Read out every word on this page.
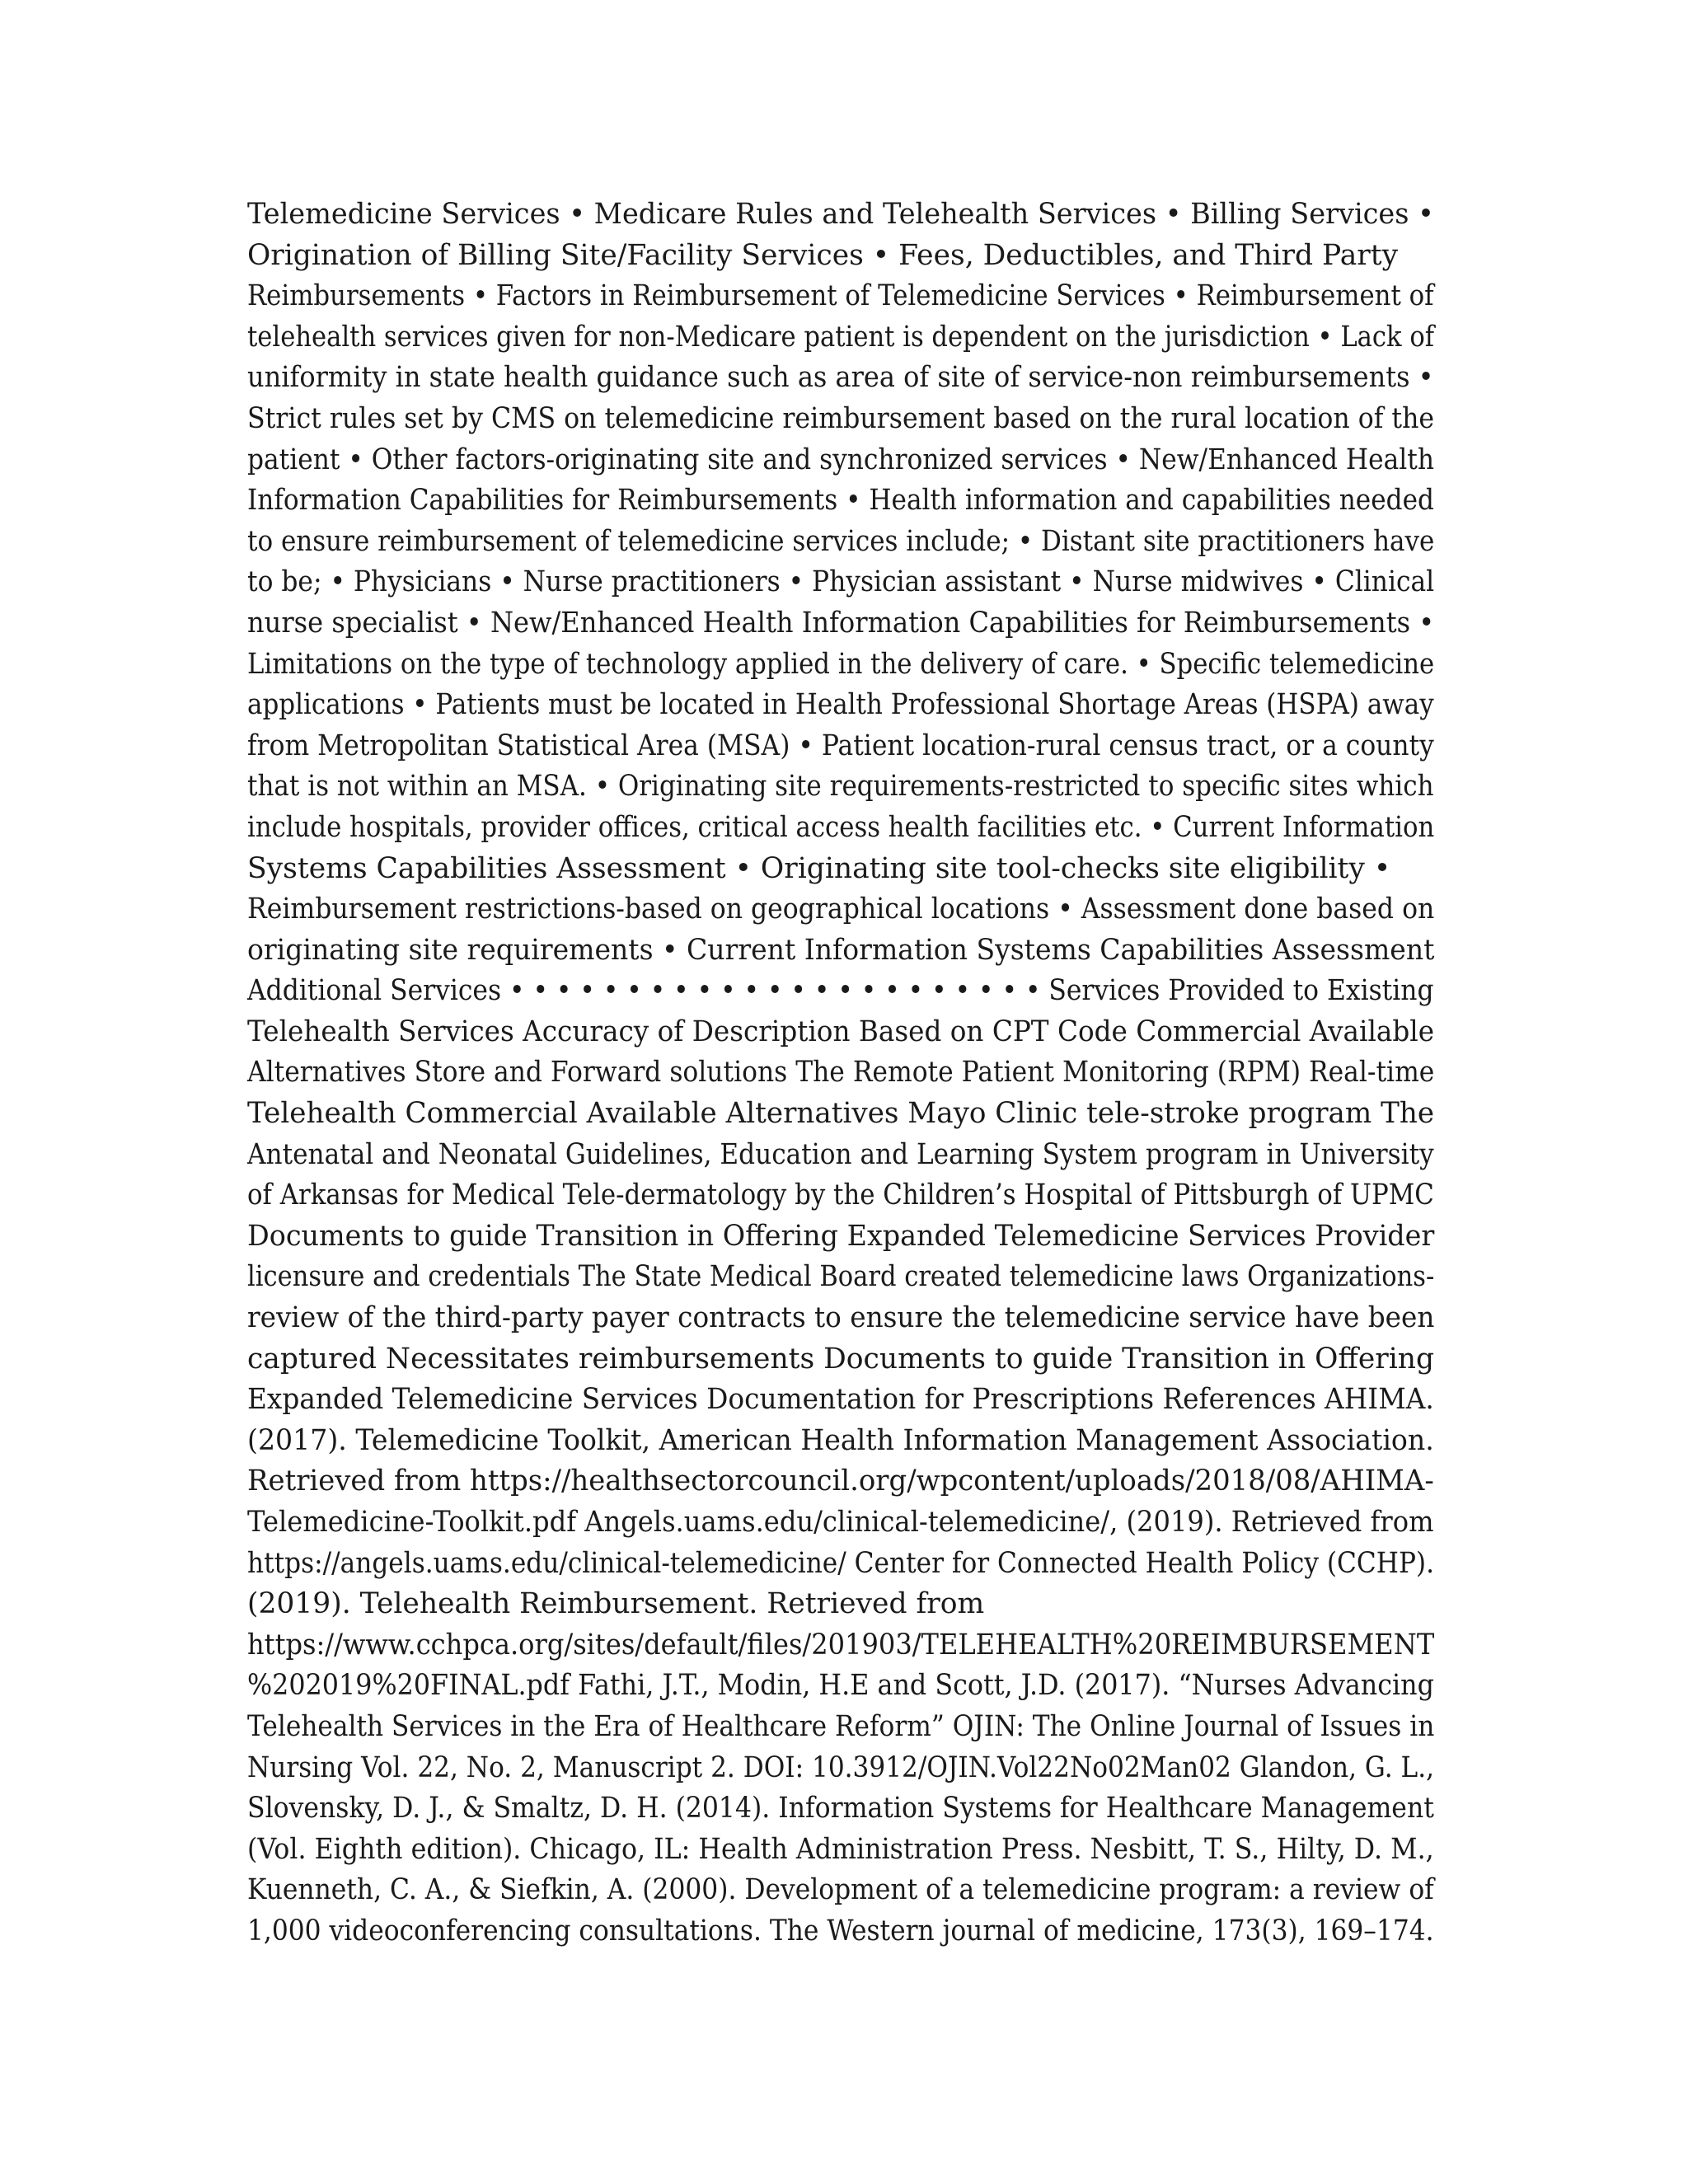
Telemedicine Services • Medicare Rules and Telehealth Services • Billing Services •
Origination of Billing Site/Facility Services • Fees, Deductibles, and Third Party
Reimbursements • Factors in Reimbursement of Telemedicine Services • Reimbursement of
telehealth services given for non-Medicare patient is dependent on the jurisdiction • Lack of
uniformity in state health guidance such as area of site of service-non reimbursements •
Strict rules set by CMS on telemedicine reimbursement based on the rural location of the
patient • Other factors-originating site and synchronized services • New/Enhanced Health
Information Capabilities for Reimbursements • Health information and capabilities needed
to ensure reimbursement of telemedicine services include; • Distant site practitioners have
to be; • Physicians • Nurse practitioners • Physician assistant • Nurse midwives • Clinical
nurse specialist • New/Enhanced Health Information Capabilities for Reimbursements •
Limitations on the type of technology applied in the delivery of care. • Specific telemedicine
applications • Patients must be located in Health Professional Shortage Areas (HSPA) away
from Metropolitan Statistical Area (MSA) • Patient location-rural census tract, or a county
that is not within an MSA. • Originating site requirements-restricted to specific sites which
include hospitals, provider offices, critical access health facilities etc. • Current Information
Systems Capabilities Assessment • Originating site tool-checks site eligibility •
Reimbursement restrictions-based on geographical locations • Assessment done based on
originating site requirements • Current Information Systems Capabilities Assessment
Additional Services • • • • • • • • • • • • • • • • • • • • • • • Services Provided to Existing
Telehealth Services Accuracy of Description Based on CPT Code Commercial Available
Alternatives Store and Forward solutions The Remote Patient Monitoring (RPM) Real-time
Telehealth Commercial Available Alternatives Mayo Clinic tele-stroke program The
Antenatal and Neonatal Guidelines, Education and Learning System program in University
of Arkansas for Medical Tele-dermatology by the Children’s Hospital of Pittsburgh of UPMC
Documents to guide Transition in Offering Expanded Telemedicine Services Provider
licensure and credentials The State Medical Board created telemedicine laws Organizations-
review of the third-party payer contracts to ensure the telemedicine service have been
captured Necessitates reimbursements Documents to guide Transition in Offering
Expanded Telemedicine Services Documentation for Prescriptions References AHIMA.
(2017). Telemedicine Toolkit, American Health Information Management Association.
Retrieved from https://healthsectorcouncil.org/wpcontent/uploads/2018/08/AHIMA-
Telemedicine-Toolkit.pdf Angels.uams.edu/clinical-telemedicine/, (2019). Retrieved from
https://angels.uams.edu/clinical-telemedicine/ Center for Connected Health Policy (CCHP).
(2019). Telehealth Reimbursement. Retrieved from
https://www.cchpca.org/sites/default/files/201903/TELEHEALTH%20REIMBURSEMENT
%202019%20FINAL.pdf Fathi, J.T., Modin, H.E and Scott, J.D. (2017). “Nurses Advancing
Telehealth Services in the Era of Healthcare Reform” OJIN: The Online Journal of Issues in
Nursing Vol. 22, No. 2, Manuscript 2. DOI: 10.3912/OJIN.Vol22No02Man02 Glandon, G. L.,
Slovensky, D. J., & Smaltz, D. H. (2014). Information Systems for Healthcare Management
(Vol. Eighth edition). Chicago, IL: Health Administration Press. Nesbitt, T. S., Hilty, D. M.,
Kuenneth, C. A., & Siefkin, A. (2000). Development of a telemedicine program: a review of
1,000 videoconferencing consultations. The Western journal of medicine, 173(3), 169–174.
